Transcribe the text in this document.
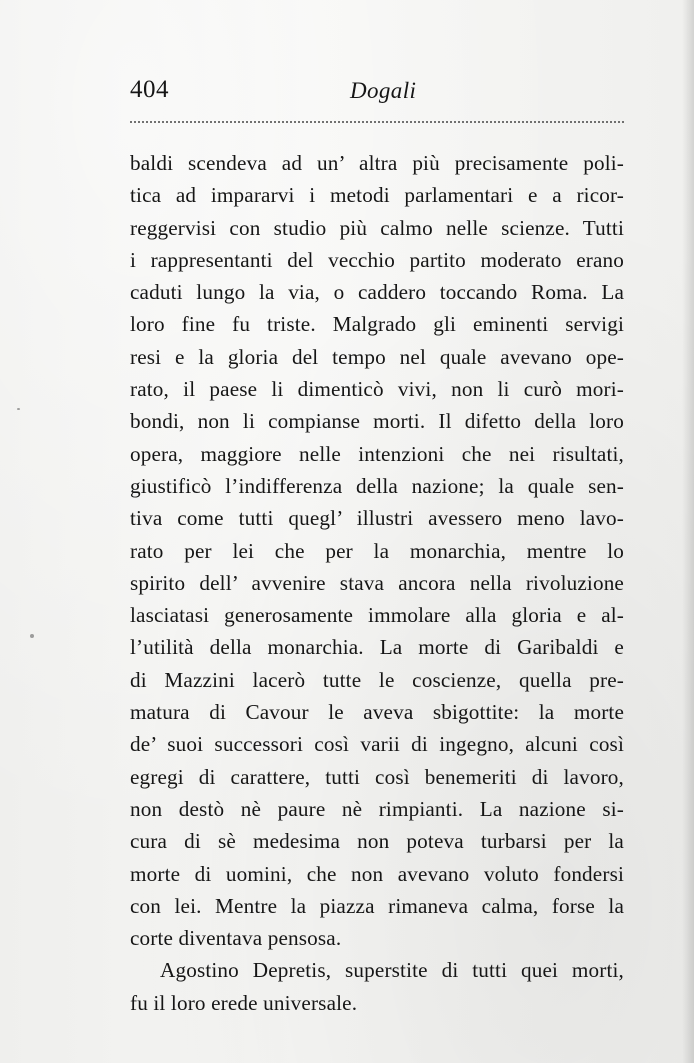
404	Dogali
baldi scendeva ad un’ altra più precisamente poli-
tica ad impararvi i metodi parlamentari e a ricor-
reggervisi con studio più calmo nelle scienze. Tutti
i rappresentanti del vecchio partito moderato erano
caduti lungo la via, o caddero toccando Roma. La
loro fine fu triste. Malgrado gli eminenti servigi
resi e la gloria del tempo nel quale avevano ope-
rato, il paese li dimenticò vivi, non li curò mori-
bondi, non li compianse morti. Il difetto della loro
opera, maggiore nelle intenzioni che nei risultati,
giustificò l’indifferenza della nazione; la quale sen-
tiva come tutti quegl’ illustri avessero meno lavo-
rato per lei che per la monarchia, mentre lo
spirito dell’ avvenire stava ancora nella rivoluzione
lasciatasi generosamente immolare alla gloria e al-
l’utilità della monarchia. La morte di Garibaldi e
di Mazzini lacerò tutte le coscienze, quella pre-
matura di Cavour le aveva sbigottite: la morte
de’ suoi successori così varii di ingegno, alcuni così
egregi di carattere, tutti così benemeriti di lavoro,
non destò nè paure nè rimpianti. La nazione si-
cura di sè medesima non poteva turbarsi per la
morte di uomini, che non avevano voluto fondersi
con lei. Mentre la piazza rimaneva calma, forse la
corte diventava pensosa.
Agostino Depretis, superstite di tutti quei morti,
fu il loro erede universale.
